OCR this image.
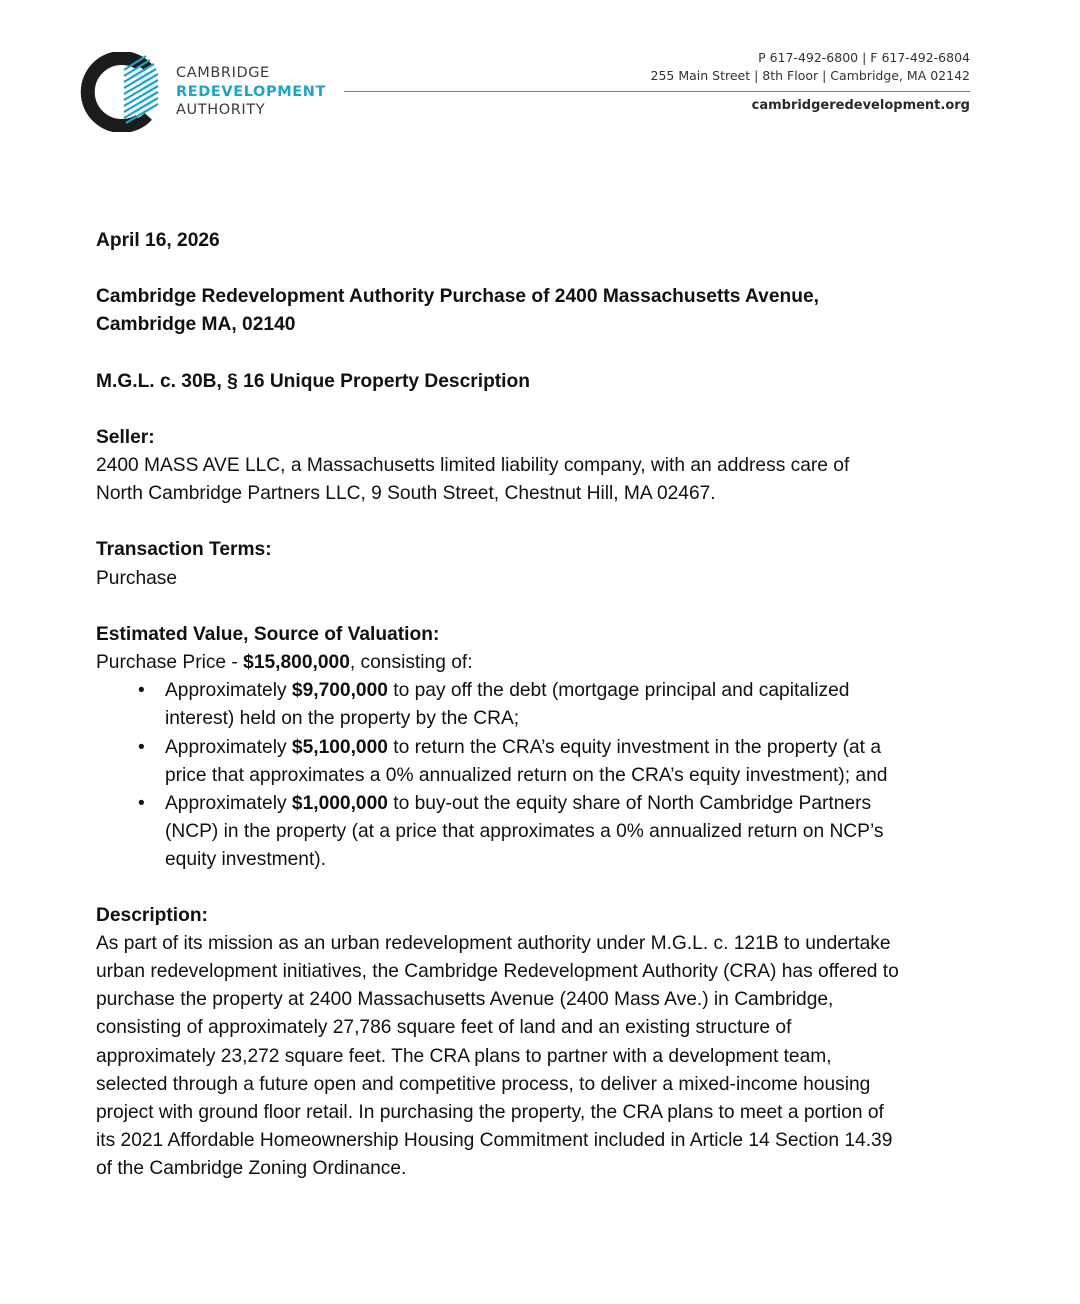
CAMBRIDGE
REDEVELOPMENT
AUTHORITY
P 617-492-6800 | F 617-492-6804
255 Main Street | 8th Floor | Cambridge, MA 02142
cambridgeredevelopment.org

April 16, 2026

Cambridge Redevelopment Authority Purchase of 2400 Massachusetts Avenue,

Cambridge MA, 02140

M.G.L. c. 30B, § 16 Unique Property Description

Seller:

2400 MASS AVE LLC, a Massachusetts limited liability company, with an address care of

North Cambridge Partners LLC, 9 South Street, Chestnut Hill, MA 02467.

Transaction Terms:

Purchase

Estimated Value, Source of Valuation:

Purchase Price - $15,800,000, consisting of:

• Approximately $9,700,000 to pay off the debt (mortgage principal and capitalized
interest) held on the property by the CRA;
• Approximately $5,100,000 to return the CRA’s equity investment in the property (at a
price that approximates a 0% annualized return on the CRA’s equity investment); and
• Approximately $1,000,000 to buy-out the equity share of North Cambridge Partners
(NCP) in the property (at a price that approximates a 0% annualized return on NCP’s
equity investment).

Description:

As part of its mission as an urban redevelopment authority under M.G.L. c. 121B to undertake

urban redevelopment initiatives, the Cambridge Redevelopment Authority (CRA) has offered to

purchase the property at 2400 Massachusetts Avenue (2400 Mass Ave.) in Cambridge,

consisting of approximately 27,786 square feet of land and an existing structure of

approximately 23,272 square feet. The CRA plans to partner with a development team,

selected through a future open and competitive process, to deliver a mixed-income housing

project with ground floor retail. In purchasing the property, the CRA plans to meet a portion of

its 2021 Affordable Homeownership Housing Commitment included in Article 14 Section 14.39

of the Cambridge Zoning Ordinance.
